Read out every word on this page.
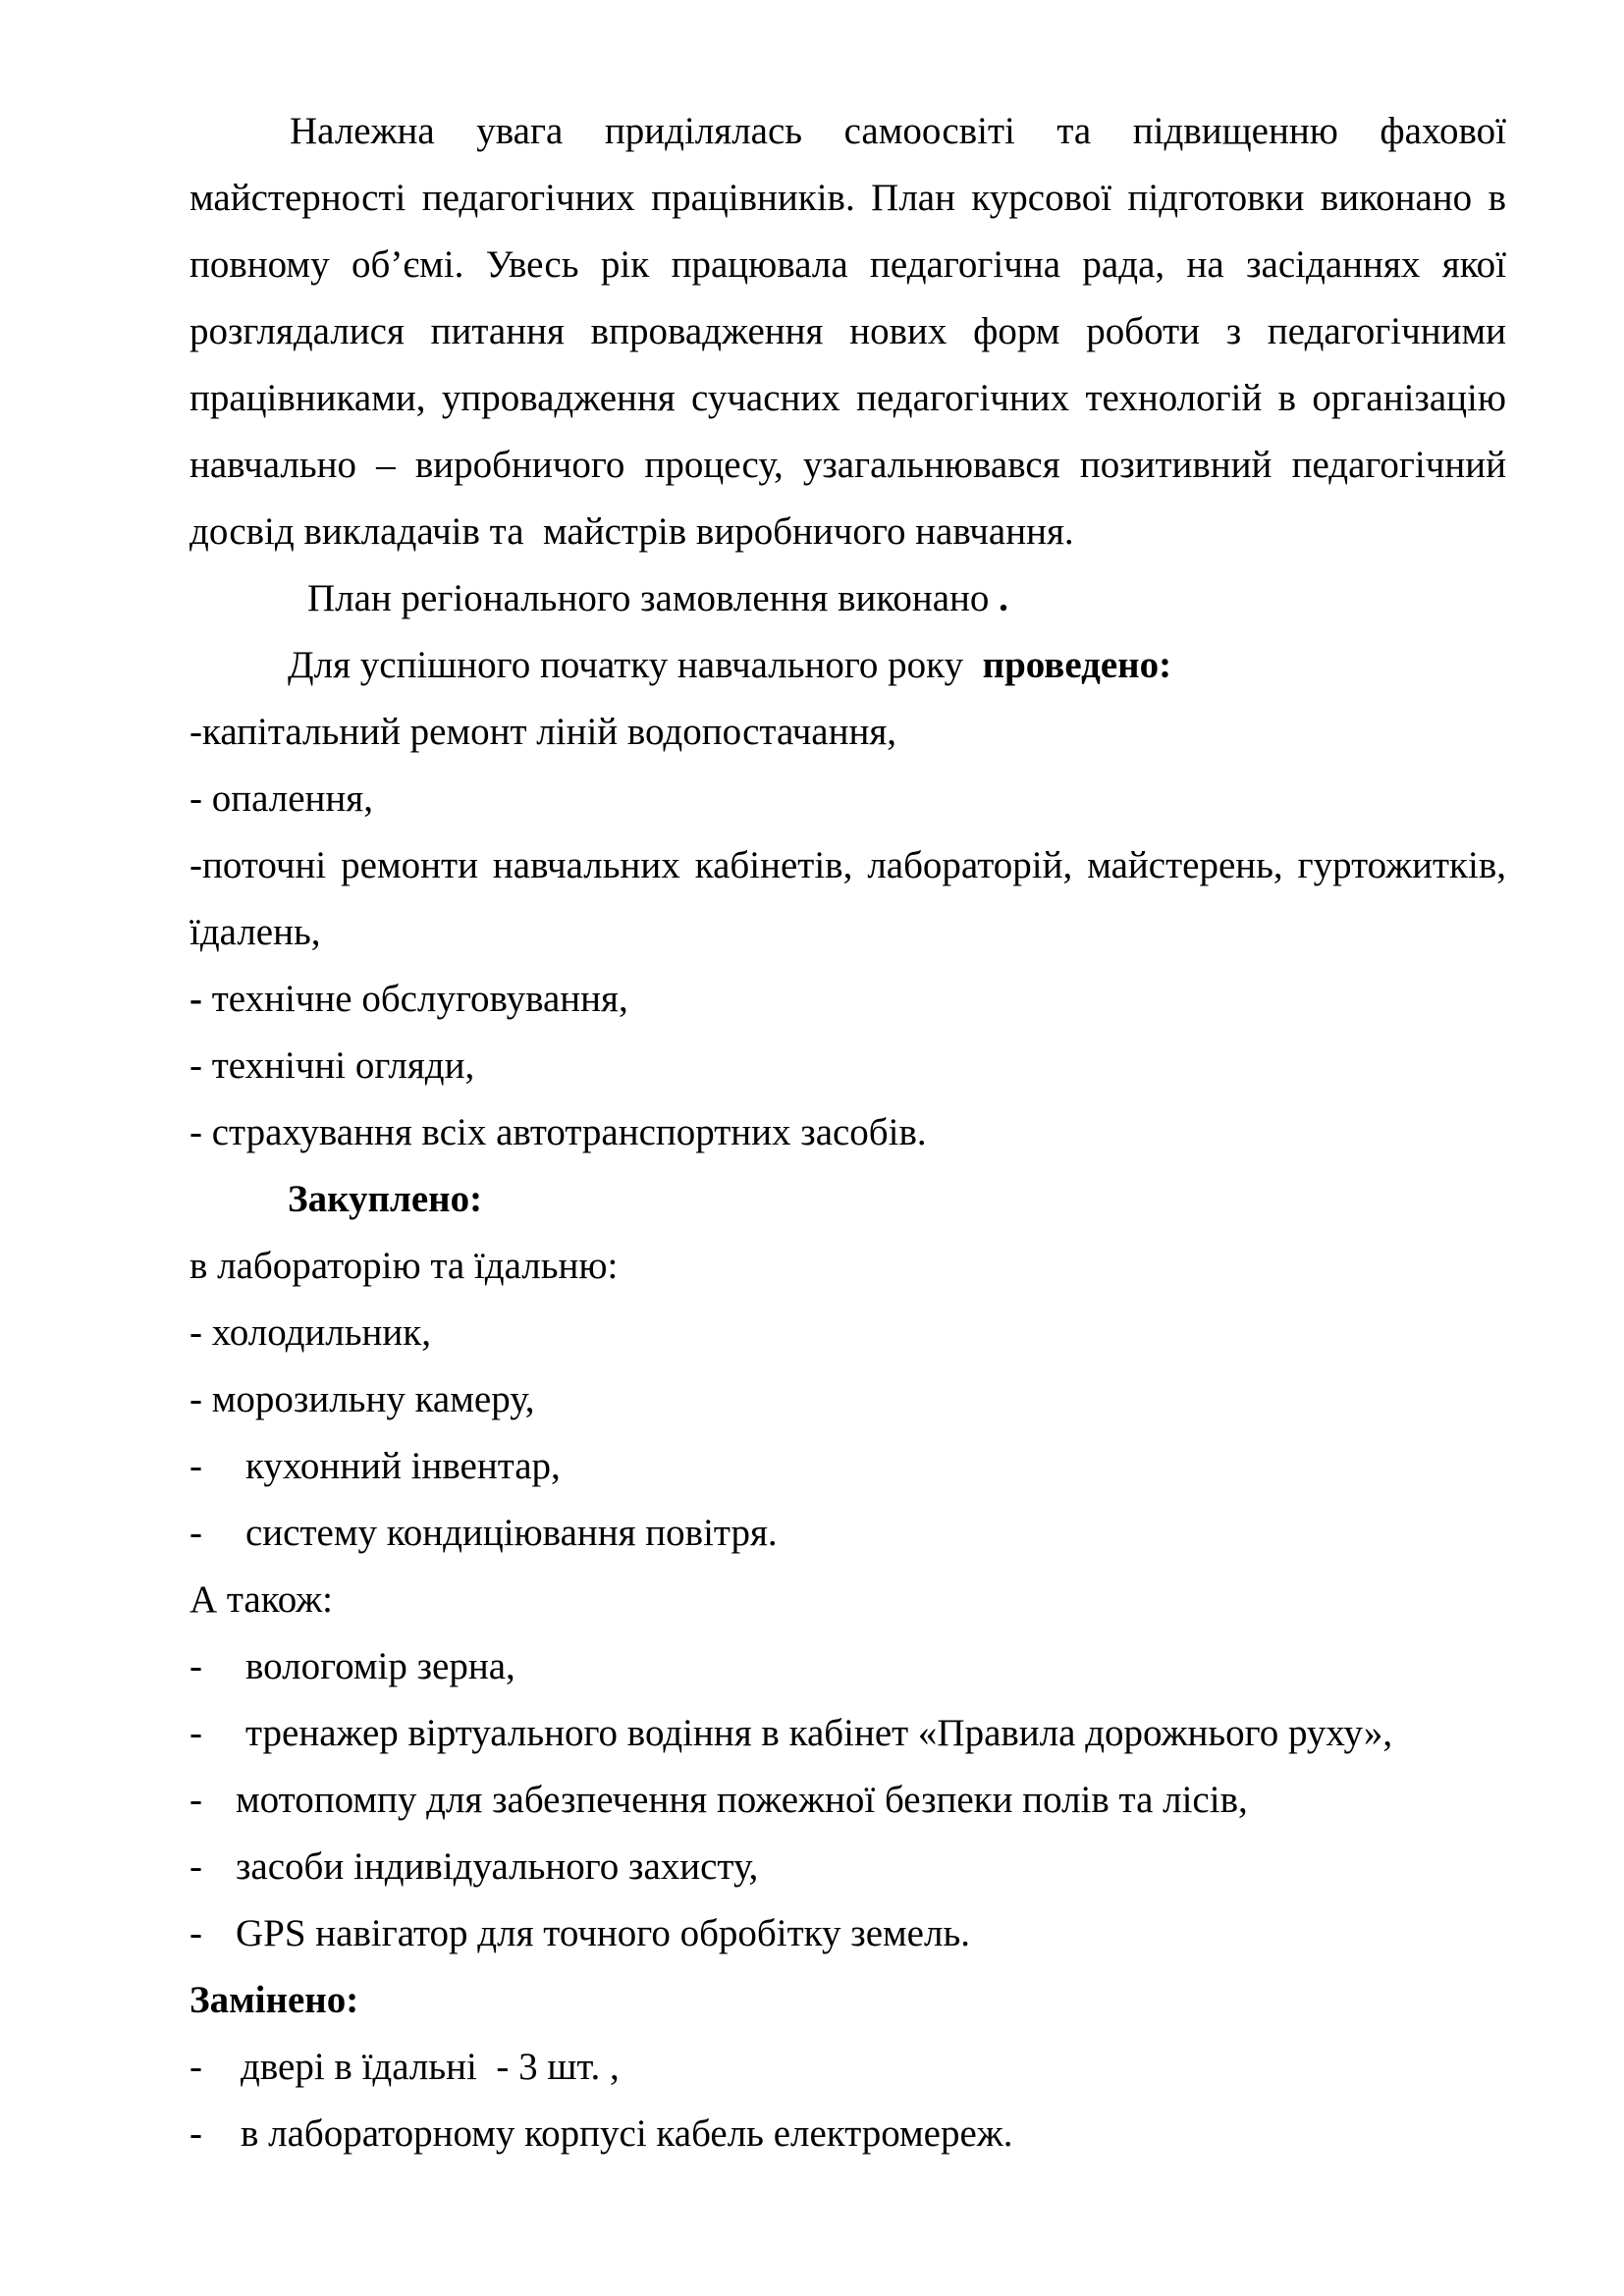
Належна увага приділялась самоосвіті та підвищенню фахової майстерності педагогічних працівників. План курсової підготовки виконано в повному об’ємі. Увесь рік працювала педагогічна рада, на засіданнях якої розглядалися питання впровадження нових форм роботи з педагогічними працівниками, упровадження сучасних педагогічних технологій в організацію навчально – виробничого процесу, узагальнювався позитивний педагогічний досвід викладачів та  майстрів виробничого навчання.

План регіонального замовлення виконано .

Для успішного початку навчального року  проведено:

-капітальний ремонт ліній водопостачання,

- опалення,

-поточні ремонти навчальних кабінетів, лабораторій, майстерень, гуртожитків, їдалень,

- технічне обслуговування,

- технічні огляди,

- страхування всіх автотранспортних засобів.

Закуплено:

в лабораторію та їдальню:

- холодильник,

- морозильну камеру,

- кухонний інвентар,

- систему кондиціювання повітря.

А також:

- вологомір зерна,

- тренажер віртуального водіння в кабінет «Правила дорожнього руху»,

- мотопомпу для забезпечення пожежної безпеки полів та лісів,

- засоби індивідуального захисту,

- GPS навігатор для точного обробітку земель.

Замінено:

- двері в їдальні  - 3 шт. ,

- в лабораторному корпусі кабель електромереж.
